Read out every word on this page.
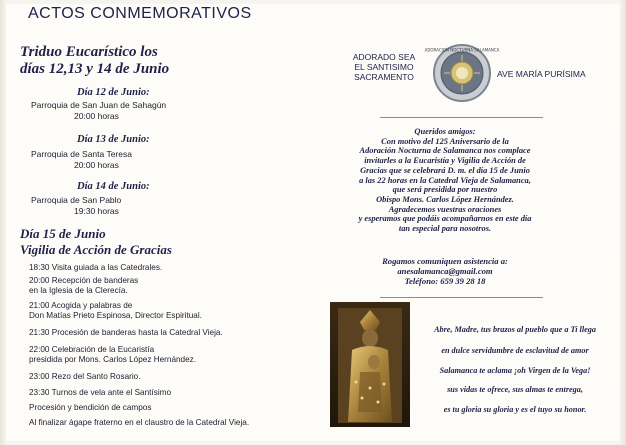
ACTOS CONMEMORATIVOS
Triduo Eucarístico los
días 12,13 y 14 de Junio
Día 12 de Junio:
Parroquia de San Juan de Sahagún
20:00 horas
Día 13 de Junio:
Parroquia de Santa Teresa
20:00 horas
Día 14 de Junio:
Parroquia de San Pablo
19:30 horas
Día 15 de Junio
Vigilia de Acción de Gracias
18:30 Visita guiada a las Catedrales.
20:00 Recepción de banderas
en la Iglesia de la Clerecía.
21:00 Acogida y palabras de
Don Matías Prieto Espinosa, Director Espiritual.
21:30 Procesión de banderas hasta la Catedral Vieja.
22:00 Celebración de la Eucaristía
presidida por Mons. Carlos López Hernández.
23:00 Rezo del Santo Rosario.
23:30 Turnos de vela ante el Santísimo
Procesión y bendición de campos
Al finalizar ágape fraterno en el claustro de la Catedral Vieja.
ADORADO SEA
EL SANTISIMO
SACRAMENTO
ADORACION NOCTURNA SALAMANCA
AVE MARÍA PURÍSIMA
Queridos amigos:
Con motivo del 125 Aniversario de la
Adoración Nocturna de Salamanca nos complace
invitarles a la Eucaristía y Vigilia de Acción de
Gracias que se celebrará D. m. el día 15 de Junio
a las 22 horas en la Catedral Vieja de Salamanca,
que será presidida por nuestro
Obispo Mons. Carlos López Hernández.
Agradecemos vuestras oraciones
y esperamos que podáis acompañarnos en este día
tan especial para nosotros.
Rogamos comuniquen asistencia a:
anesalamanca@gmail.com
Teléfono: 659 39 28 18
Abre, Madre, tus brazos al pueblo que a Ti llega
en dulce servidumbre de esclavitud de amor
Salamanca te aclama ¡oh Virgen de la Vega!
sus vidas te ofrece, sus almas te entrega,
es tu gloria su gloria y es el tuyo su honor.
